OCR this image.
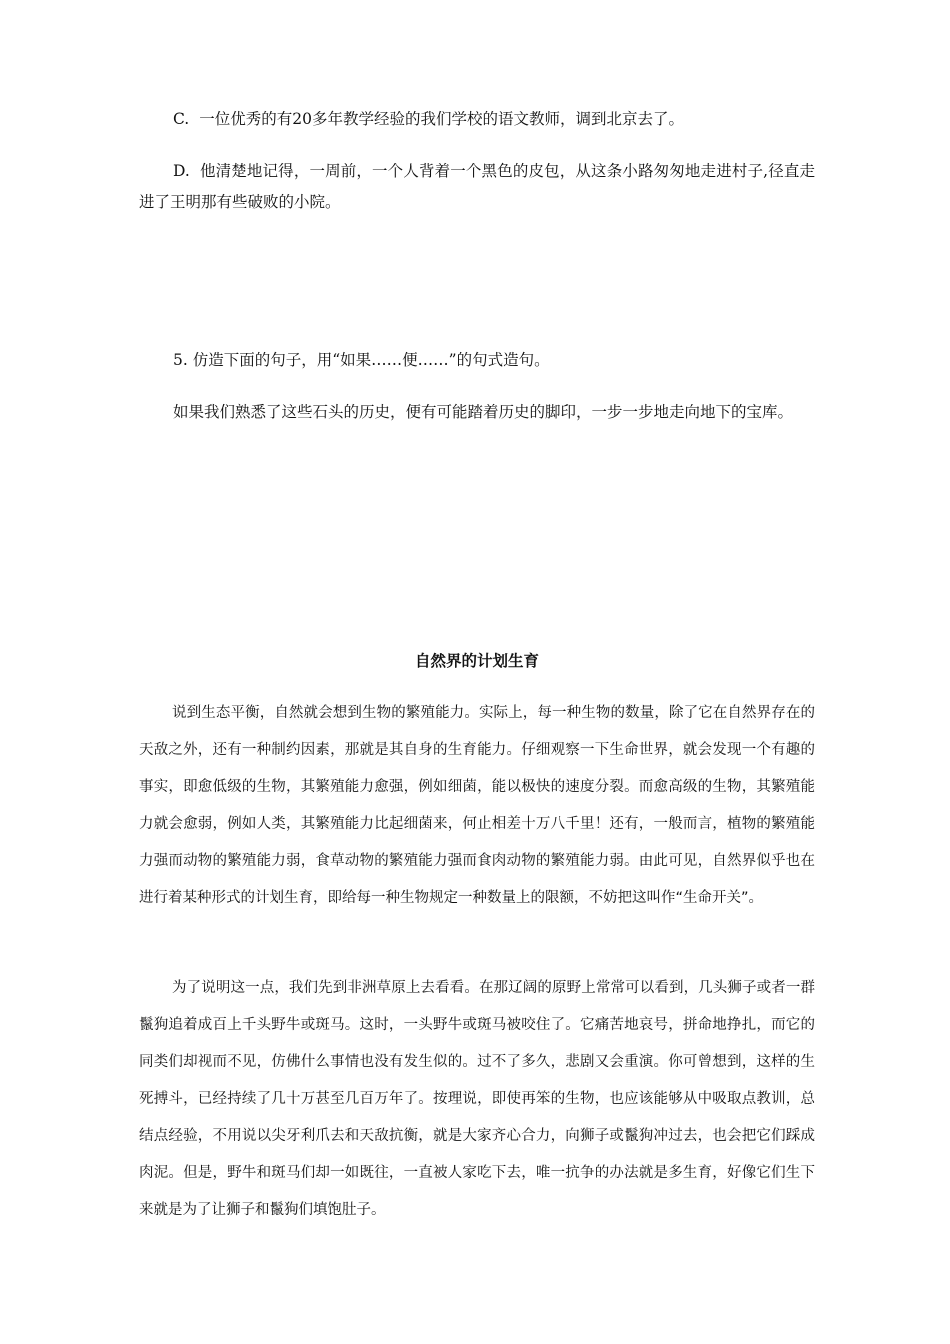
C. 一位优秀的有20多年教学经验的我们学校的语文教师，调到北京去了。

D. 他清楚地记得，一周前，一个人背着一个黑色的皮包，从这条小路匆匆地走进村子,径直走进了王明那有些破败的小院。

5. 仿造下面的句子，用“如果……便……”的句式造句。

如果我们熟悉了这些石头的历史，便有可能踏着历史的脚印，一步一步地走向地下的宝库。

自然界的计划生育

说到生态平衡，自然就会想到生物的繁殖能力。实际上，每一种生物的数量，除了它在自然界存在的天敌之外，还有一种制约因素，那就是其自身的生育能力。仔细观察一下生命世界，就会发现一个有趣的事实，即愈低级的生物，其繁殖能力愈强，例如细菌，能以极快的速度分裂。而愈高级的生物，其繁殖能力就会愈弱，例如人类，其繁殖能力比起细菌来，何止相差十万八千里！还有，一般而言，植物的繁殖能力强而动物的繁殖能力弱，食草动物的繁殖能力强而食肉动物的繁殖能力弱。由此可见，自然界似乎也在进行着某种形式的计划生育，即给每一种生物规定一种数量上的限额，不妨把这叫作“生命开关”。

为了说明这一点，我们先到非洲草原上去看看。在那辽阔的原野上常常可以看到，几头狮子或者一群鬣狗追着成百上千头野牛或斑马。这时，一头野牛或斑马被咬住了。它痛苦地哀号，拼命地挣扎，而它的同类们却视而不见，仿佛什么事情也没有发生似的。过不了多久，悲剧又会重演。你可曾想到，这样的生死搏斗，已经持续了几十万甚至几百万年了。按理说，即使再笨的生物，也应该能够从中吸取点教训，总结点经验，不用说以尖牙利爪去和天敌抗衡，就是大家齐心合力，向狮子或鬣狗冲过去，也会把它们踩成肉泥。但是，野牛和斑马们却一如既往，一直被人家吃下去，唯一抗争的办法就是多生育，好像它们生下来就是为了让狮子和鬣狗们填饱肚子。
